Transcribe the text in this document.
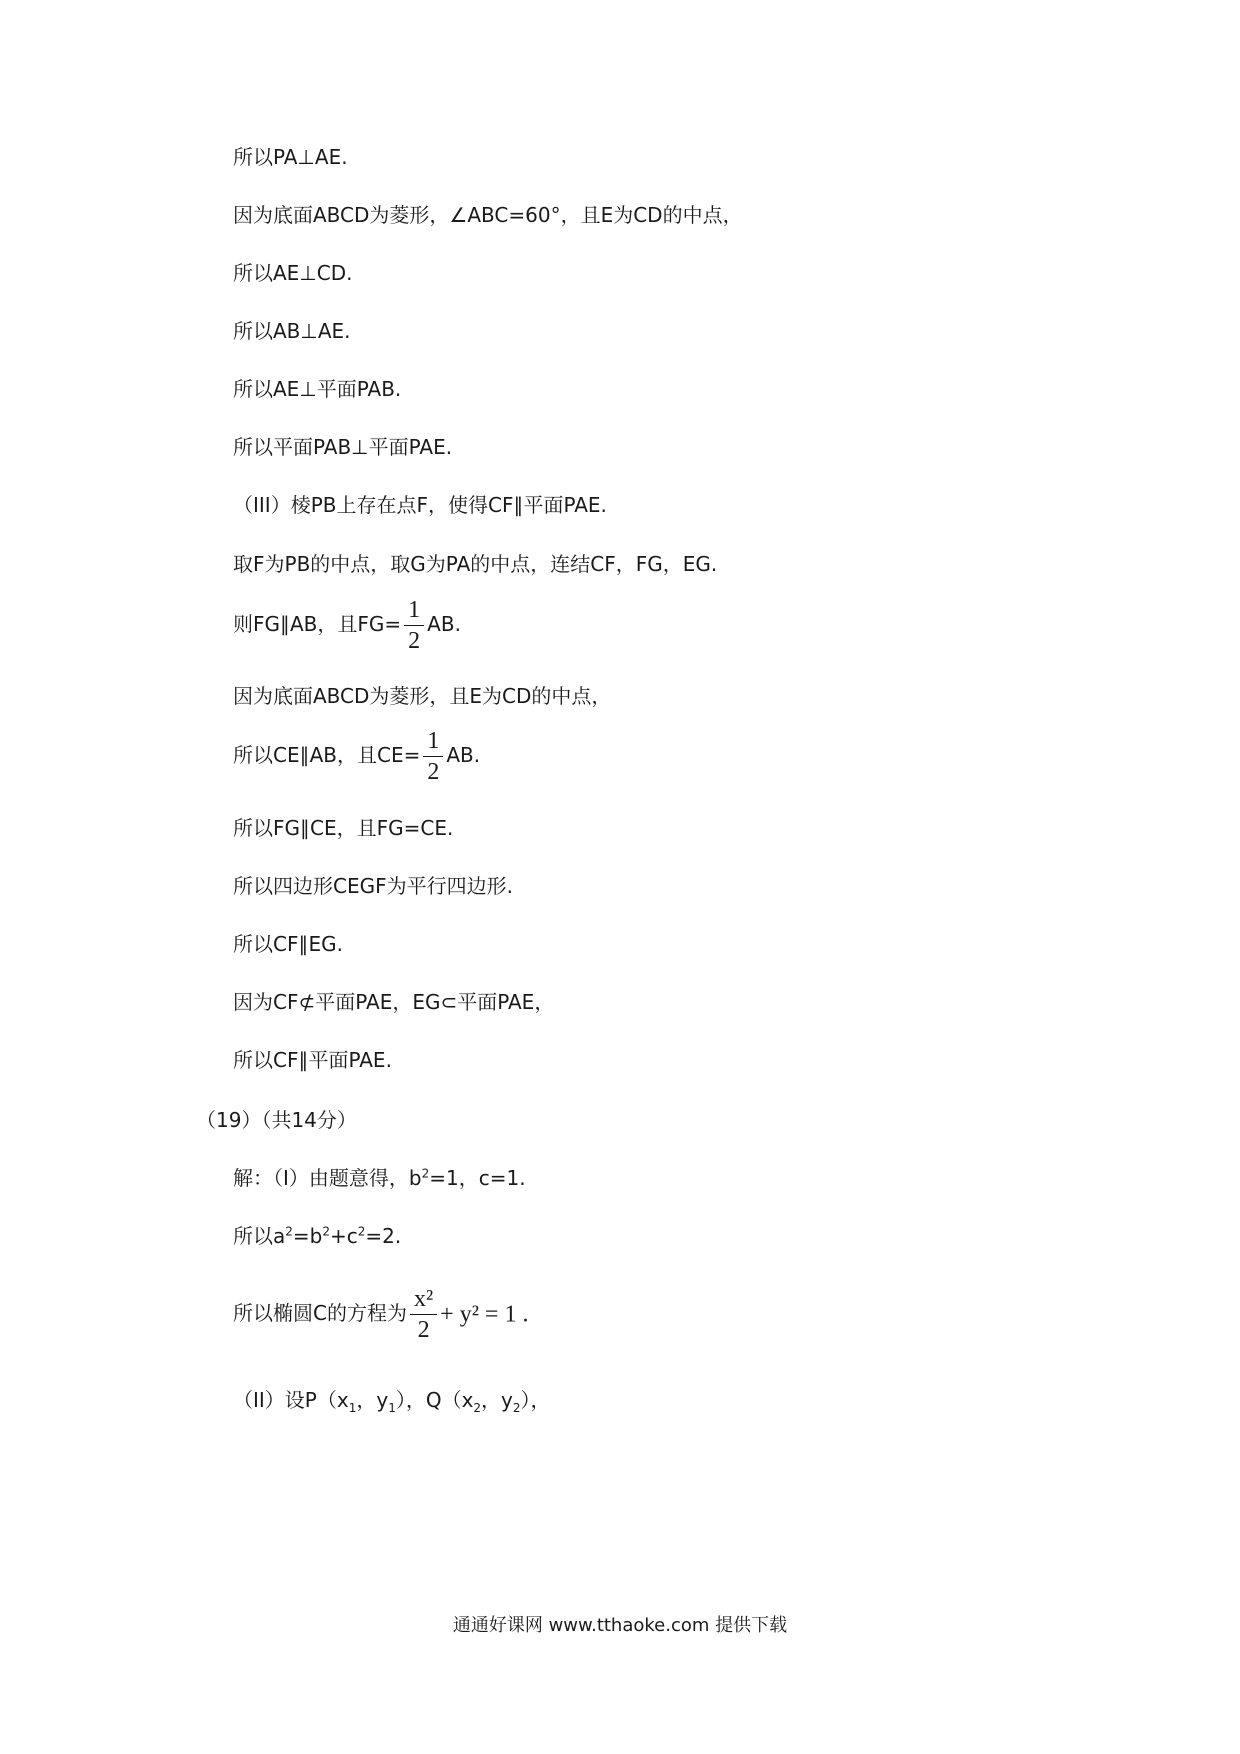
所以PA⊥AE.
因为底面ABCD为菱形，∠ABC=60°，且E为CD的中点，
所以AE⊥CD.
所以AB⊥AE.
所以AE⊥平面PAB.
所以平面PAB⊥平面PAE.
（III）棱PB上存在点F，使得CF∥平面PAE.
取F为PB的中点，取G为PA的中点，连结CF，FG，EG.
则FG∥AB，且$FG= \frac{1}{2}$ AB.
因为底面ABCD为菱形，且E为CD的中点，
所以CE∥AB，且$CE= \frac{1}{2}$ AB.
所以FG∥CE，且FG=CE.
所以四边形CEGF为平行四边形.
所以CF∥EG.
因为CF⊄平面PAE，EG⊂平面PAE，
所以CF∥平面PAE.
（19）（共14分）
解：（I）由题意得，$b^2=1$，c=1.
所以$a^2=b^2+c^2=2$.
所以椭圆C的方程为 $\frac{\text{x²}}{2} + y^2 = 1$ .
（II）设$P(x_1$，$y_1$），$Q(x_2$，$y_2$），
通通好课网 www.tthaoke.com 提供下载
